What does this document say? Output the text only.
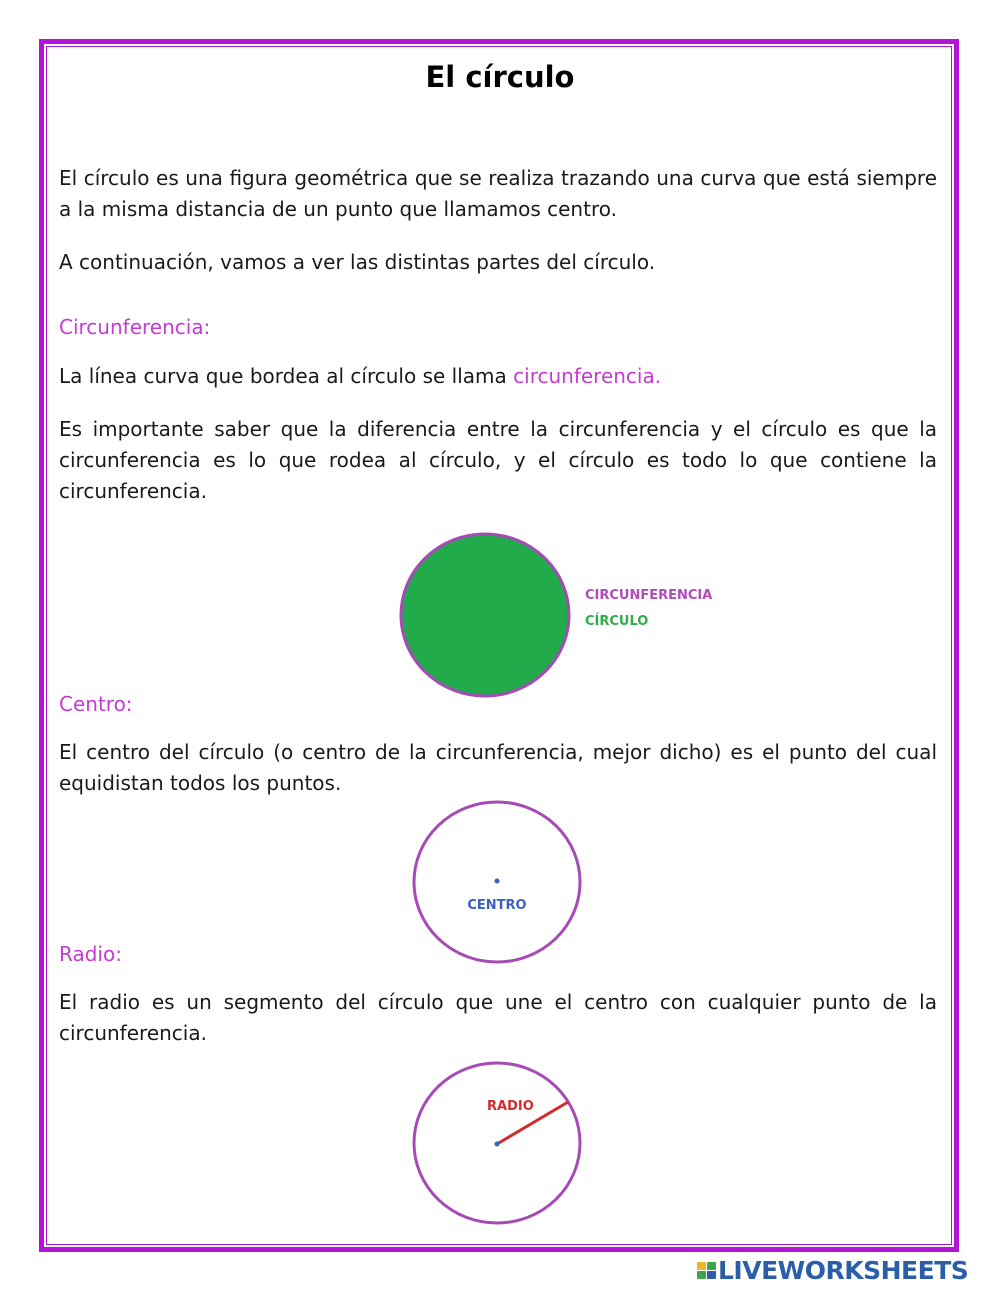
El círculo

El círculo es una figura geométrica que se realiza trazando una curva que está siempre a la misma distancia de un punto que llamamos centro.

A continuación, vamos a ver las distintas partes del círculo.

Circunferencia:

La línea curva que bordea al círculo se llama circunferencia.

Es importante saber que la diferencia entre la circunferencia y el círculo es que la circunferencia es lo que rodea al círculo, y el círculo es todo lo que contiene la circunferencia.

CIRCUNFERENCIA
CÍRCULO
Centro:

El centro del círculo (o centro de la circunferencia, mejor dicho) es el punto del cual equidistan todos los puntos.

CENTRO
Radio:

El radio es un segmento del círculo que une el centro con cualquier punto de la circunferencia.

RADIO
LIVEWORKSHEETS
